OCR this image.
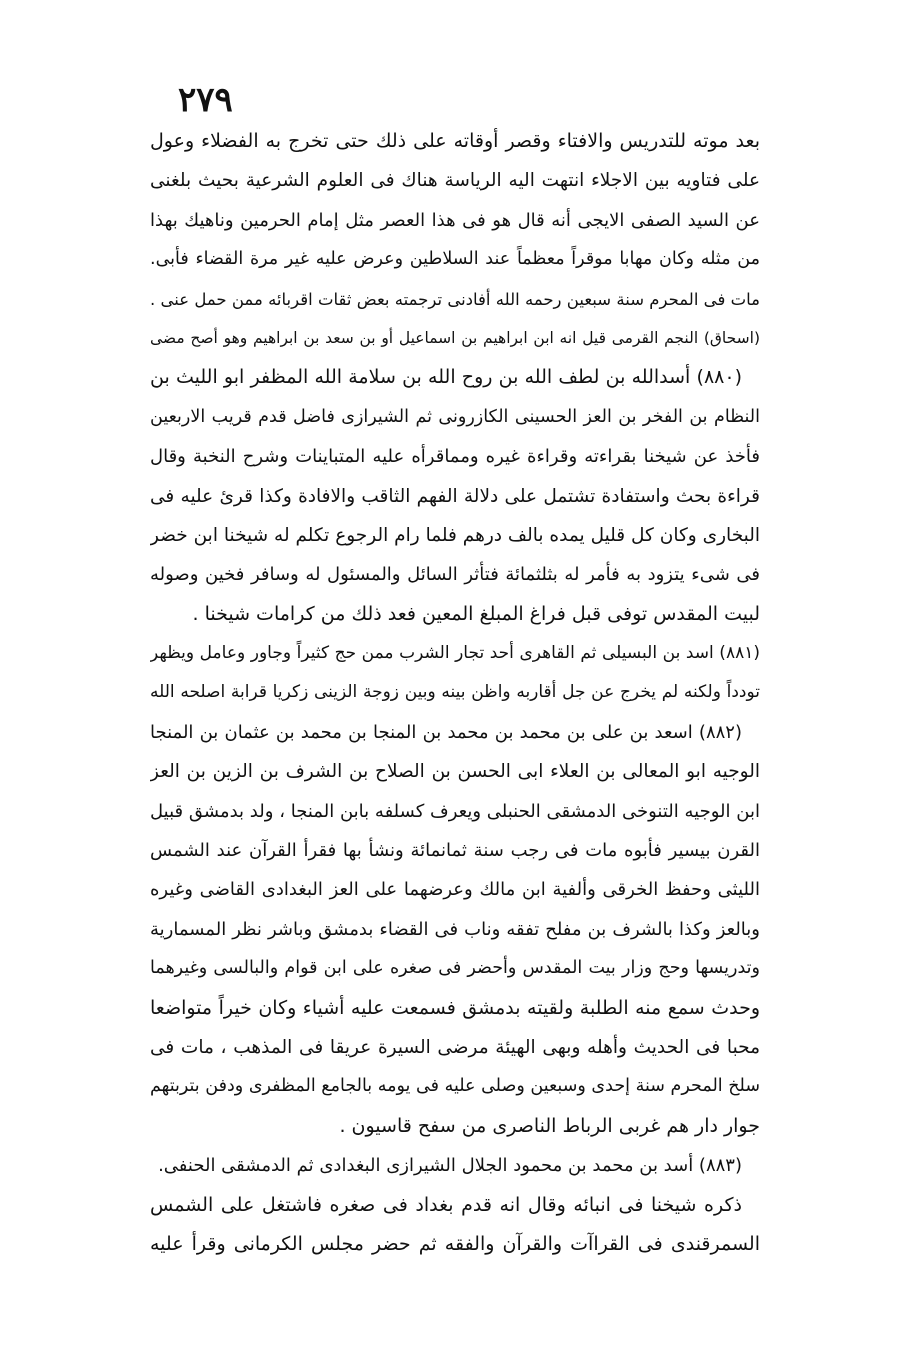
٢٧٩
بعد موته للتدريس والافتاء وقصر أوقاته على ذلك حتى تخرج به الفضلاء وعول
على فتاويه بين الاجلاء انتهت اليه الرياسة هناك فى العلوم الشرعية بحيث بلغنى
عن السيد الصفى الايجى أنه قال هو فى هذا العصر مثل إمام الحرمين وناهيك بهذا
من مثله وكان مهابا موقراً معظماً عند السلاطين وعرض عليه غير مرة القضاء فأبى.
مات فى المحرم سنة سبعين رحمه الله أفادنى ترجمته بعض ثقات اقربائه ممن حمل عنى .
(اسحاق) النجم القرمى قيل انه ابن ابراهيم بن اسماعيل أو بن سعد بن ابراهيم وهو أصح مضى
(٨٨٠) أسدالله بن لطف الله بن روح الله بن سلامة الله المظفر ابو الليث بن
النظام بن الفخر بن العز الحسينى الكازرونى ثم الشيرازى فاضل قدم قريب الاربعين
فأخذ عن شيخنا بقراءته وقراءة غيره ومماقرأه عليه المتباينات وشرح النخبة وقال
قراءة بحث واستفادة تشتمل على دلالة الفهم الثاقب والافادة وكذا قرئ عليه فى
البخارى وكان كل قليل يمده بالف درهم فلما رام الرجوع تكلم له شيخنا ابن خضر
فى شىء يتزود به فأمر له بثلثمائة فتأثر السائل والمسئول له وسافر فخين وصوله
لبيت المقدس توفى قبل فراغ المبلغ المعين فعد ذلك من كرامات شيخنا .
(٨٨١) اسد بن البسيلى ثم القاهرى أحد تجار الشرب ممن حج كثيراً وجاور وعامل ويظهر
تودداً ولكنه لم يخرج عن جل أقاربه واظن بينه وبين زوجة الزينى زكريا قرابة اصلحه الله
(٨٨٢) اسعد بن على بن محمد بن محمد بن المنجا بن محمد بن عثمان بن المنجا
الوجيه ابو المعالى بن العلاء ابى الحسن بن الصلاح بن الشرف بن الزين بن العز
ابن الوجيه التنوخى الدمشقى الحنبلى ويعرف كسلفه بابن المنجا ، ولد بدمشق قبيل
القرن بيسير فأبوه مات فى رجب سنة ثمانمائة ونشأ بها فقرأ القرآن عند الشمس
الليثى وحفظ الخرقى وألفية ابن مالك وعرضهما على العز البغدادى القاضى وغيره
وبالعز وكذا بالشرف بن مفلح تفقه وناب فى القضاء بدمشق وباشر نظر المسمارية
وتدريسها وحج وزار بيت المقدس وأحضر فى صغره على ابن قوام والبالسى وغيرهما
وحدث سمع منه الطلبة ولقيته بدمشق فسمعت عليه أشياء وكان خيراً متواضعا
محبا فى الحديث وأهله وبهى الهيئة مرضى السيرة عريقا فى المذهب ، مات فى
سلخ المحرم سنة إحدى وسبعين وصلى عليه فى يومه بالجامع المظفرى ودفن بتربتهم
جوار دار هم غربى الرباط الناصرى من سفح قاسيون .
(٨٨٣) أسد بن محمد بن محمود الجلال الشيرازى البغدادى ثم الدمشقى الحنفى.
ذكره شيخنا فى انبائه وقال انه قدم بغداد فى صغره فاشتغل على الشمس
السمرقندى فى القراآت والقرآن والفقه ثم حضر مجلس الكرمانى وقرأ عليه
